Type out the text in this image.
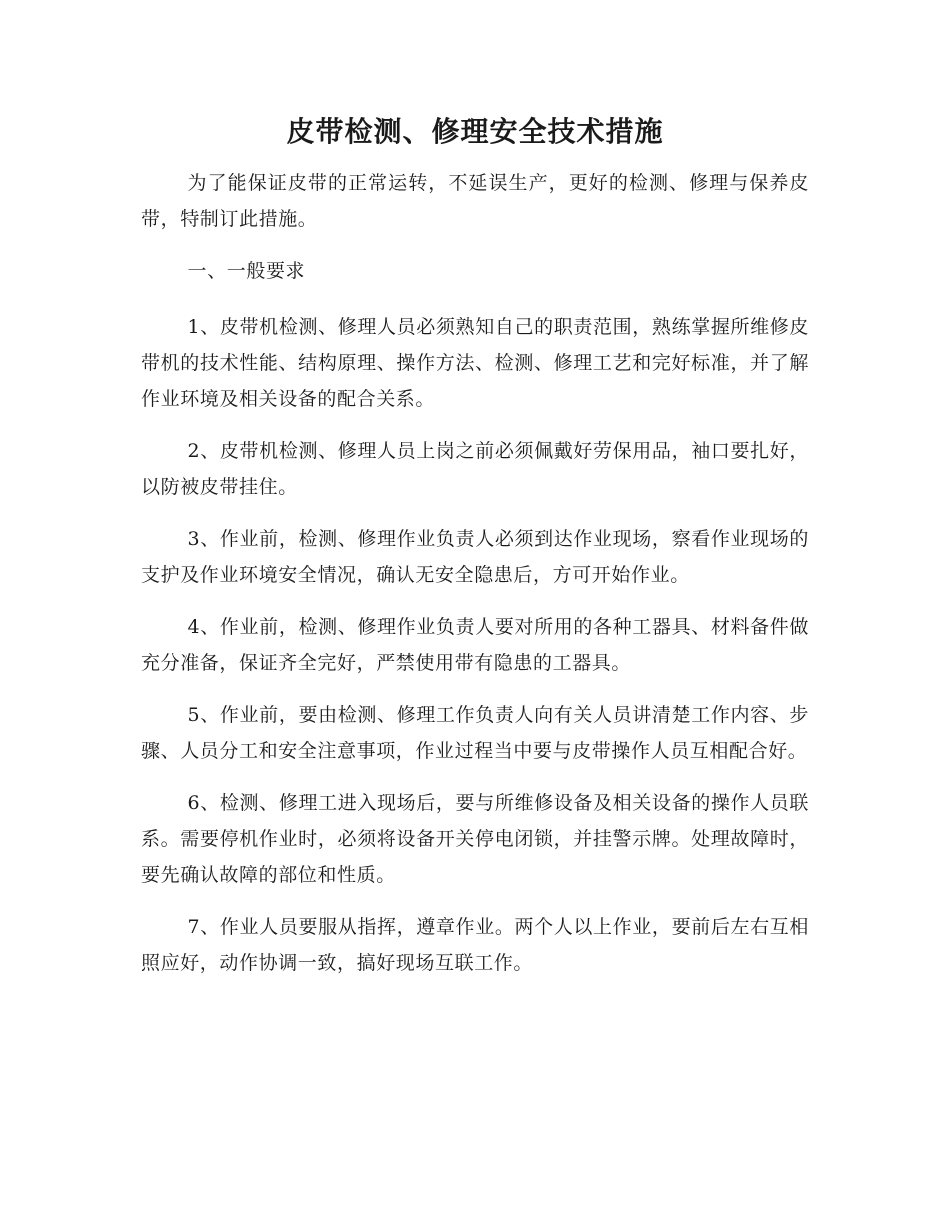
皮带检测、修理安全技术措施

为了能保证皮带的正常运转，不延误生产，更好的检测、修理与保养皮带，特制订此措施。

一、一般要求

1、皮带机检测、修理人员必须熟知自己的职责范围，熟练掌握所维修皮带机的技术性能、结构原理、操作方法、检测、修理工艺和完好标准，并了解作业环境及相关设备的配合关系。

2、皮带机检测、修理人员上岗之前必须佩戴好劳保用品，袖口要扎好，以防被皮带挂住。

3、作业前，检测、修理作业负责人必须到达作业现场，察看作业现场的支护及作业环境安全情况，确认无安全隐患后，方可开始作业。

4、作业前，检测、修理作业负责人要对所用的各种工器具、材料备件做充分准备，保证齐全完好，严禁使用带有隐患的工器具。

5、作业前，要由检测、修理工作负责人向有关人员讲清楚工作内容、步骤、人员分工和安全注意事项，作业过程当中要与皮带操作人员互相配合好。

6、检测、修理工进入现场后，要与所维修设备及相关设备的操作人员联系。需要停机作业时，必须将设备开关停电闭锁，并挂警示牌。处理故障时，要先确认故障的部位和性质。

7、作业人员要服从指挥，遵章作业。两个人以上作业，要前后左右互相照应好，动作协调一致，搞好现场互联工作。
